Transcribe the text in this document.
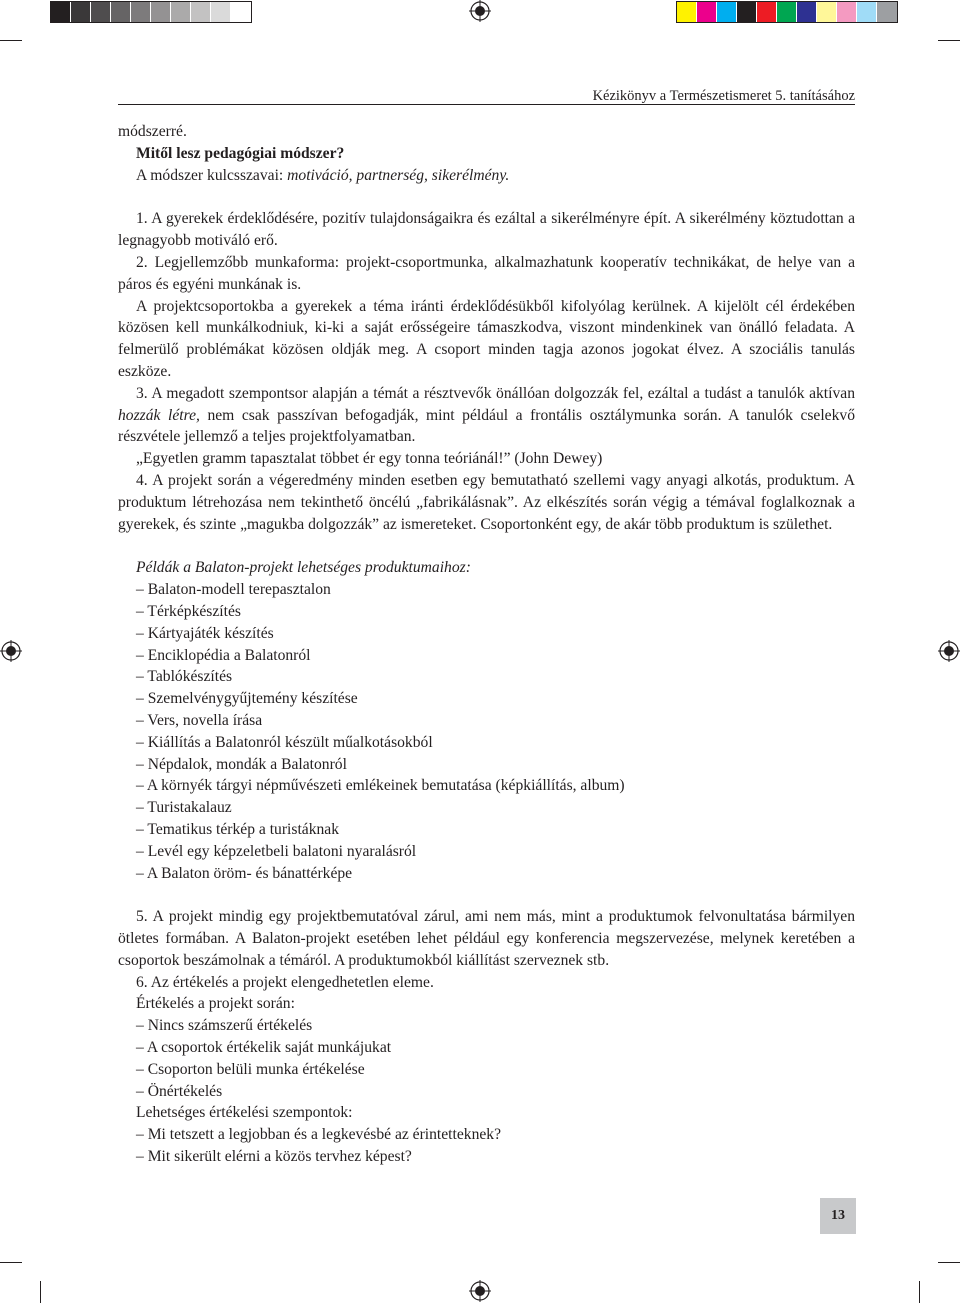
Kézikönyv a Természetismeret 5. tanításához

módszerré.

Mitől lesz pedagógiai módszer?

A módszer kulcsszavai: motiváció, partnerség, sikerélmény.

1. A gyerekek érdeklődésére, pozitív tulajdonságaikra és ezáltal a sikerélményre épít. A sikerélmény köztudottan a legnagyobb motiváló erő.

2. Legjellemzőbb munkaforma: projekt-csoportmunka, alkalmazhatunk kooperatív technikákat, de helye van a páros és egyéni munkának is.

A projektcsoportokba a gyerekek a téma iránti érdeklődésükből kifolyólag kerülnek. A kijelölt cél érdekében közösen kell munkálkodniuk, ki-ki a saját erősségeire támaszkodva, viszont mindenkinek van önálló feladata. A felmerülő problémákat közösen oldják meg. A csoport minden tagja azonos jogokat élvez. A szociális tanulás eszköze.

3. A megadott szempontsor alapján a témát a résztvevők önállóan dolgozzák fel, ezáltal a tudást a tanulók aktívan hozzák létre, nem csak passzívan befogadják, mint például a frontális osztálymunka során. A tanulók cselekvő részvétele jellemző a teljes projektfolyamatban.

„Egyetlen gramm tapasztalat többet ér egy tonna teóriánál!” (John Dewey)

4. A projekt során a végeredmény minden esetben egy bemutatható szellemi vagy anyagi alkotás, produktum. A produktum létrehozása nem tekinthető öncélú „fabrikálásnak”. Az elkészítés során végig a témával foglalkoznak a gyerekek, és szinte „magukba dolgozzák” az ismereteket. Csoportonként egy, de akár több produktum is születhet.

Példák a Balaton-projekt lehetséges produktumaihoz:

– Balaton-modell terepasztalon

– Térképkészítés

– Kártyajáték készítés

– Enciklopédia a Balatonról

– Tablókészítés

– Szemelvénygyűjtemény készítése

– Vers, novella írása

– Kiállítás a Balatonról készült műalkotásokból

– Népdalok, mondák a Balatonról

– A környék tárgyi népművészeti emlékeinek bemutatása (képkiállítás, album)

– Turistakalauz

– Tematikus térkép a turistáknak

– Levél egy képzeletbeli balatoni nyaralásról

– A Balaton öröm- és bánattérképe

5. A projekt mindig egy projektbemutatóval zárul, ami nem más, mint a produktumok felvonultatása bármilyen ötletes formában. A Balaton-projekt esetében lehet például egy konferencia megszervezése, melynek keretében a csoportok beszámolnak a témáról. A produktumokból kiállítást szerveznek stb.

6. Az értékelés a projekt elengedhetetlen eleme.

Értékelés a projekt során:

– Nincs számszerű értékelés

– A csoportok értékelik saját munkájukat

– Csoporton belüli munka értékelése

– Önértékelés

Lehetséges értékelési szempontok:

– Mi tetszett a legjobban és a legkevésbé az érintetteknek?

– Mit sikerült elérni a közös tervhez képest?

13
